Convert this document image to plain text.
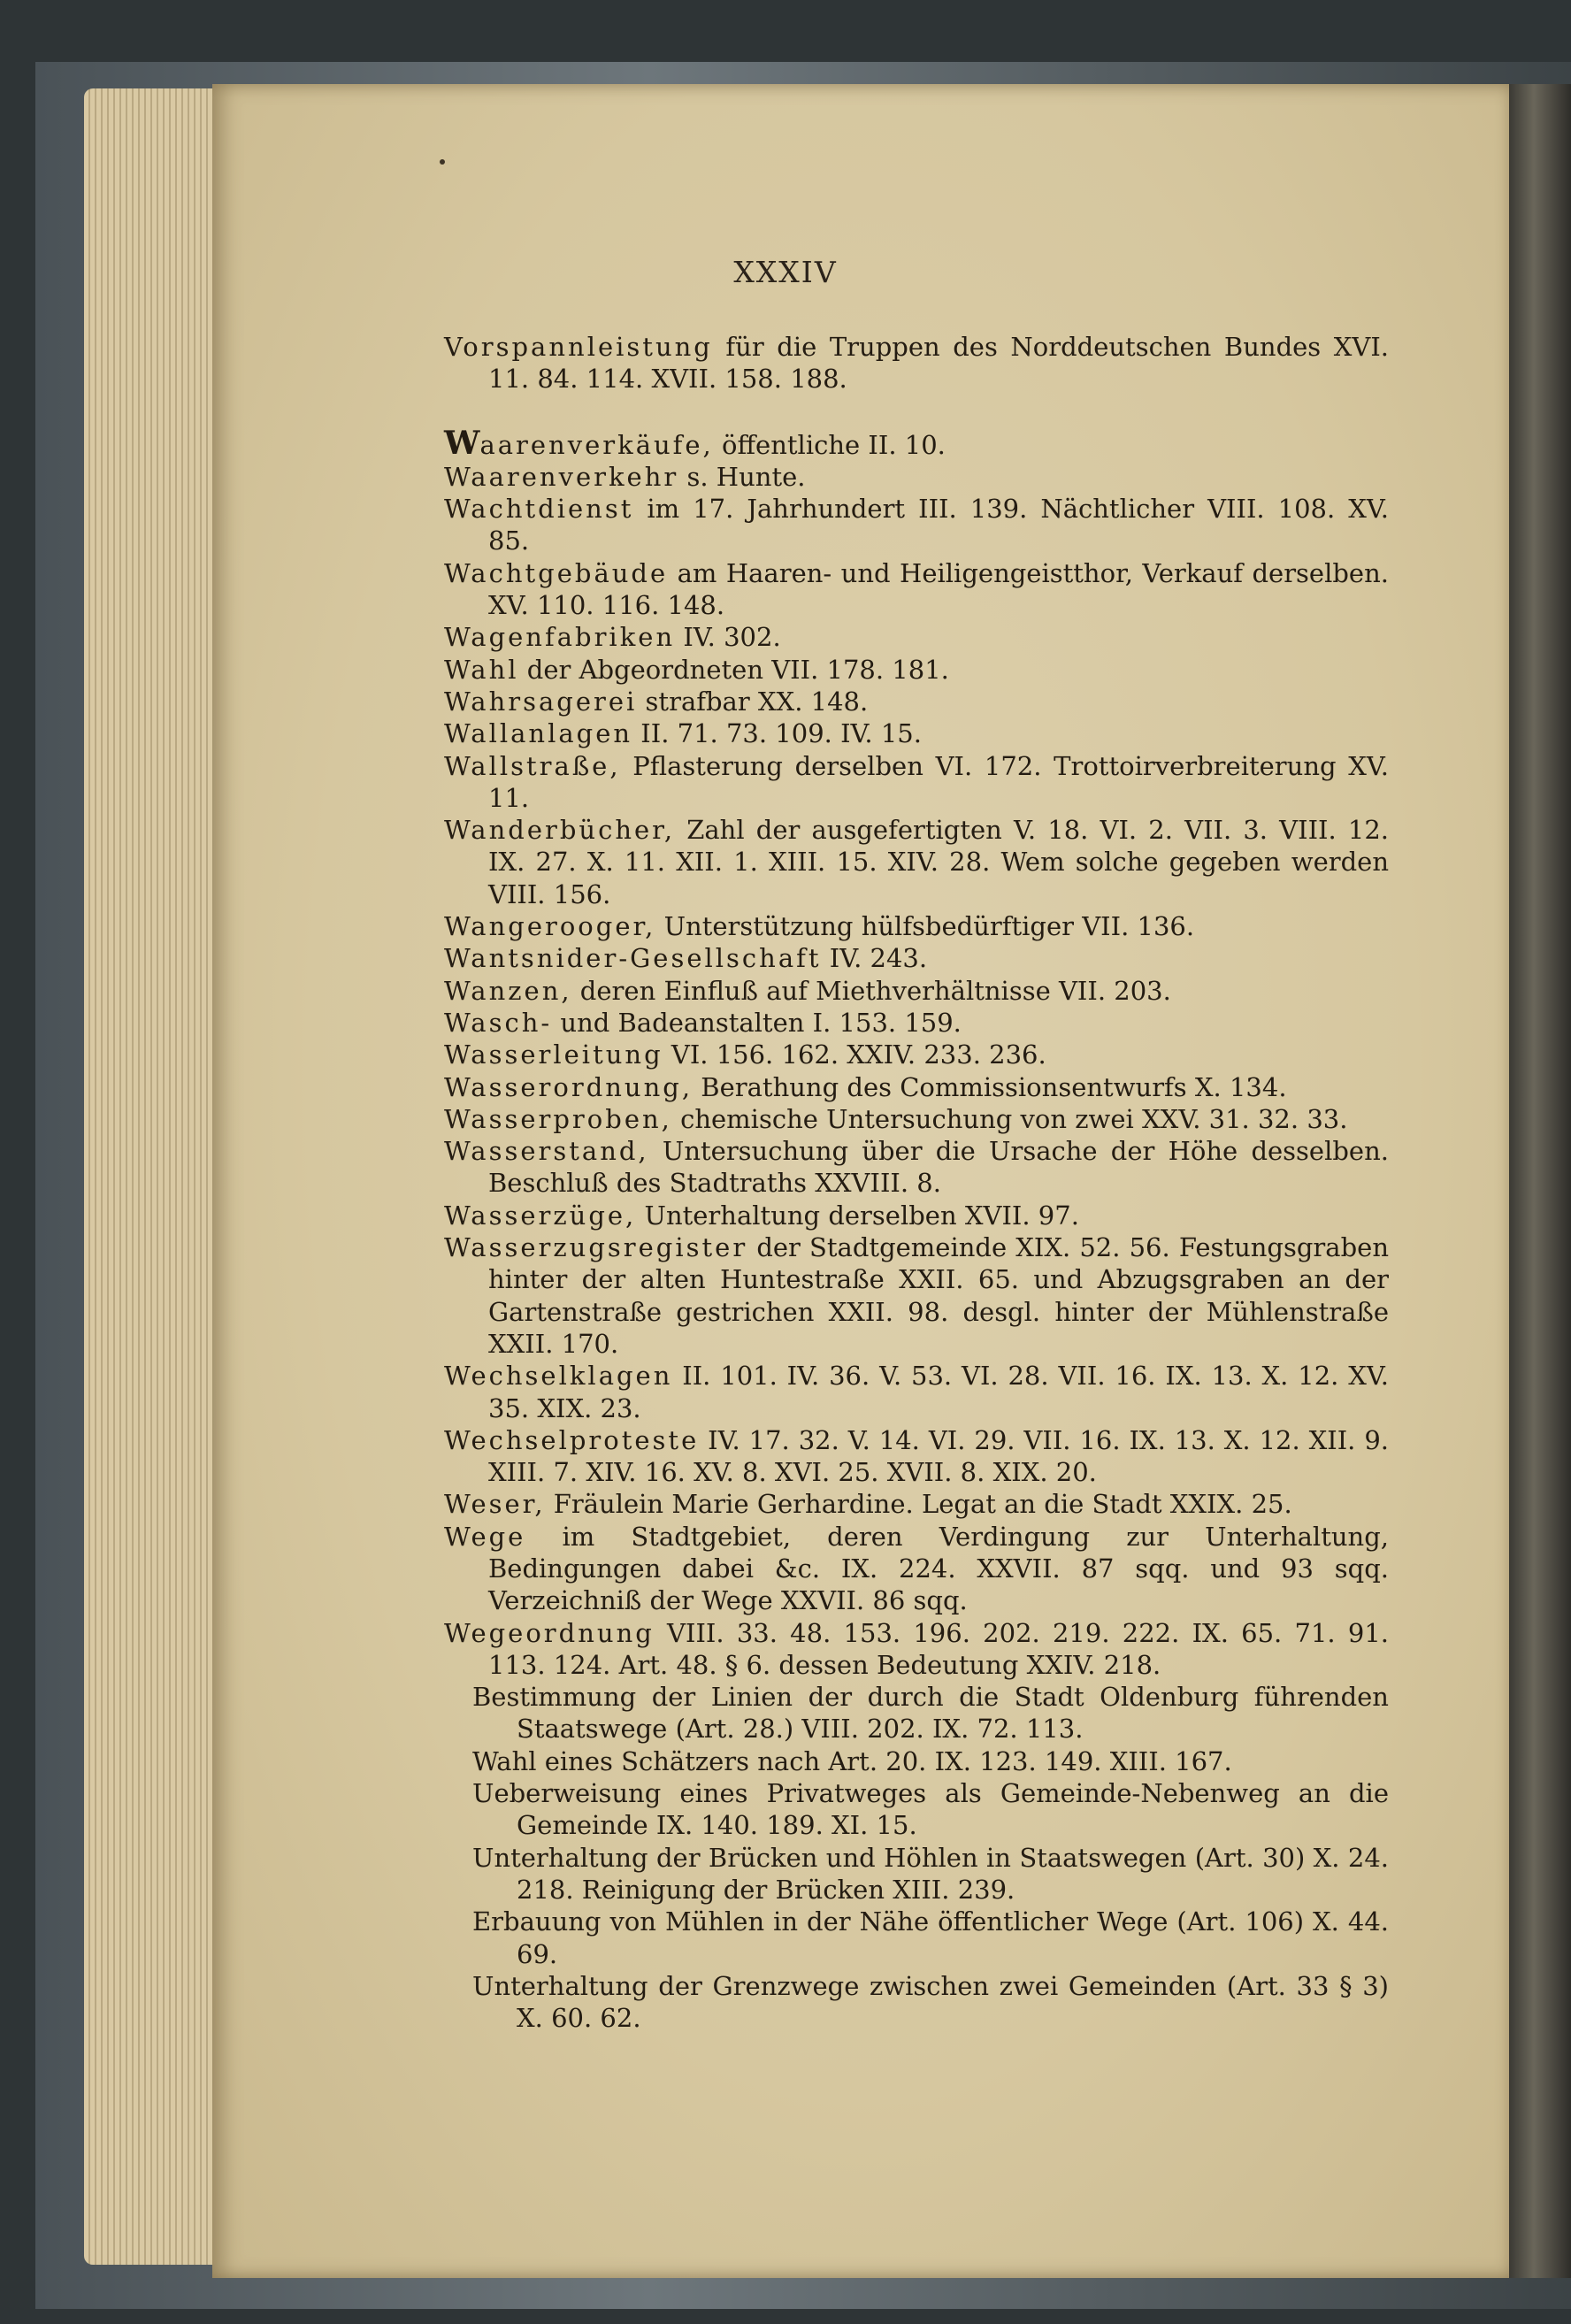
XXXIV
Vorspannleistung für die Truppen des Norddeutschen Bundes XVI. 11. 84. 114. XVII. 158. 188.
Waarenverkäufe, öffentliche II. 10.
Waarenverkehr s. Hunte.
Wachtdienst im 17. Jahrhundert III. 139. Nächtlicher VIII. 108. XV. 85.
Wachtgebäude am Haaren- und Heiligengeistthor, Verkauf derselben. XV. 110. 116. 148.
Wagenfabriken IV. 302.
Wahl der Abgeordneten VII. 178. 181.
Wahrsagerei strafbar XX. 148.
Wallanlagen II. 71. 73. 109. IV. 15.
Wallstraße, Pflasterung derselben VI. 172. Trottoirverbreiterung XV. 11.
Wanderbücher, Zahl der ausgefertigten V. 18. VI. 2. VII. 3. VIII. 12. IX. 27. X. 11. XII. 1. XIII. 15. XIV. 28. Wem solche gegeben werden VIII. 156.
Wangerooger, Unterstützung hülfsbedürftiger VII. 136.
Wantsnider-Gesellschaft IV. 243.
Wanzen, deren Einfluß auf Miethverhältnisse VII. 203.
Wasch- und Badeanstalten I. 153. 159.
Wasserleitung VI. 156. 162. XXIV. 233. 236.
Wasserordnung, Berathung des Commissionsentwurfs X. 134.
Wasserproben, chemische Untersuchung von zwei XXV. 31. 32. 33.
Wasserstand, Untersuchung über die Ursache der Höhe desselben. Beschluß des Stadtraths XXVIII. 8.
Wasserzüge, Unterhaltung derselben XVII. 97.
Wasserzugsregister der Stadtgemeinde XIX. 52. 56. Festungsgraben hinter der alten Huntestraße XXII. 65. und Abzugsgraben an der Gartenstraße gestrichen XXII. 98. desgl. hinter der Mühlenstraße XXII. 170.
Wechselklagen II. 101. IV. 36. V. 53. VI. 28. VII. 16. IX. 13. X. 12. XV. 35. XIX. 23.
Wechselproteste IV. 17. 32. V. 14. VI. 29. VII. 16. IX. 13. X. 12. XII. 9. XIII. 7. XIV. 16. XV. 8. XVI. 25. XVII. 8. XIX. 20.
Weser, Fräulein Marie Gerhardine. Legat an die Stadt XXIX. 25.
Wege im Stadtgebiet, deren Verdingung zur Unterhaltung, Bedingungen dabei &c. IX. 224. XXVII. 87 sqq. und 93 sqq. Verzeichniß der Wege XXVII. 86 sqq.
Wegeordnung VIII. 33. 48. 153. 196. 202. 219. 222. IX. 65. 71. 91. 113. 124. Art. 48. § 6. dessen Bedeutung XXIV. 218.
Bestimmung der Linien der durch die Stadt Oldenburg führenden Staatswege (Art. 28.) VIII. 202. IX. 72. 113.
Wahl eines Schätzers nach Art. 20. IX. 123. 149. XIII. 167.
Ueberweisung eines Privatweges als Gemeinde-Nebenweg an die Gemeinde IX. 140. 189. XI. 15.
Unterhaltung der Brücken und Höhlen in Staatswegen (Art. 30) X. 24. 218. Reinigung der Brücken XIII. 239.
Erbauung von Mühlen in der Nähe öffentlicher Wege (Art. 106) X. 44. 69.
Unterhaltung der Grenzwege zwischen zwei Gemeinden (Art. 33 § 3) X. 60. 62.
